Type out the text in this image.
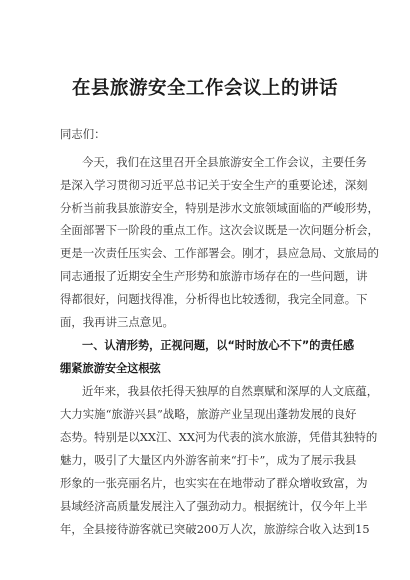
在县旅游安全工作会议上的讲话
同志们：
今天，我们在这里召开全县旅游安全工作会议，主要任务
是深入学习贯彻习近平总书记关于安全生产的重要论述，深刻
分析当前我县旅游安全，特别是涉水文旅领域面临的严峻形势，
全面部署下一阶段的重点工作。这次会议既是一次问题分析会，
更是一次责任压实会、工作部署会。刚才，县应急局、文旅局的
同志通报了近期安全生产形势和旅游市场存在的一些问题，讲
得都很好，问题找得准，分析得也比较透彻，我完全同意。下
面，我再讲三点意见。
一、认清形势，正视问题，以“时时放心不下”的责任感
绷紧旅游安全这根弦
近年来，我县依托得天独厚的自然禀赋和深厚的人文底蕴，
大力实施“旅游兴县”战略，旅游产业呈现出蓬勃发展的良好
态势。特别是以XX江、XX河为代表的滨水旅游，凭借其独特的
魅力，吸引了大量区内外游客前来“打卡”，成为了展示我县
形象的一张亮丽名片，也实实在在地带动了群众增收致富，为
县域经济高质量发展注入了强劲动力。根据统计，仅今年上半
年，全县接待游客就已突破200万人次，旅游综合收入达到15
